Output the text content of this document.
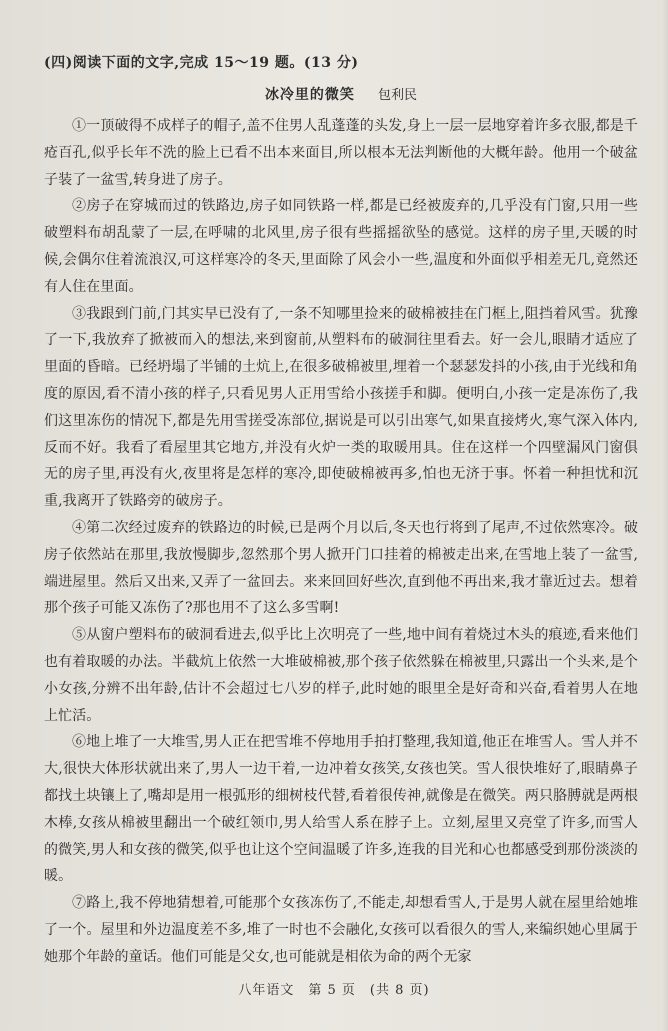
(四)阅读下面的文字,完成 15～19 题。(13 分)
冰冷里的微笑 包利民

①一顶破得不成样子的帽子,盖不住男人乱蓬蓬的头发,身上一层一层地穿着许多衣服,都是千疮百孔,似乎长年不洗的脸上已看不出本来面目,所以根本无法判断他的大概年龄。他用一个破盆子装了一盆雪,转身进了房子。

②房子在穿城而过的铁路边,房子如同铁路一样,都是已经被废弃的,几乎没有门窗,只用一些破塑料布胡乱蒙了一层,在呼啸的北风里,房子很有些摇摇欲坠的感觉。这样的房子里,天暖的时候,会偶尔住着流浪汉,可这样寒冷的冬天,里面除了风会小一些,温度和外面似乎相差无几,竟然还有人住在里面。

③我跟到门前,门其实早已没有了,一条不知哪里捡来的破棉被挂在门框上,阻挡着风雪。犹豫了一下,我放弃了掀被而入的想法,来到窗前,从塑料布的破洞往里看去。好一会儿,眼睛才适应了里面的昏暗。已经坍塌了半铺的土炕上,在很多破棉被里,埋着一个瑟瑟发抖的小孩,由于光线和角度的原因,看不清小孩的样子,只看见男人正用雪给小孩搓手和脚。便明白,小孩一定是冻伤了,我们这里冻伤的情况下,都是先用雪搓受冻部位,据说是可以引出寒气,如果直接烤火,寒气深入体内,反而不好。我看了看屋里其它地方,并没有火炉一类的取暖用具。住在这样一个四壁漏风门窗俱无的房子里,再没有火,夜里将是怎样的寒冷,即使破棉被再多,怕也无济于事。怀着一种担忧和沉重,我离开了铁路旁的破房子。

④第二次经过废弃的铁路边的时候,已是两个月以后,冬天也行将到了尾声,不过依然寒冷。破房子依然站在那里,我放慢脚步,忽然那个男人掀开门口挂着的棉被走出来,在雪地上装了一盆雪,端进屋里。然后又出来,又弄了一盆回去。来来回回好些次,直到他不再出来,我才靠近过去。想着那个孩子可能又冻伤了?那也用不了这么多雪啊!

⑤从窗户塑料布的破洞看进去,似乎比上次明亮了一些,地中间有着烧过木头的痕迹,看来他们也有着取暖的办法。半截炕上依然一大堆破棉被,那个孩子依然躲在棉被里,只露出一个头来,是个小女孩,分辨不出年龄,估计不会超过七八岁的样子,此时她的眼里全是好奇和兴奋,看着男人在地上忙活。

⑥地上堆了一大堆雪,男人正在把雪堆不停地用手拍打整理,我知道,他正在堆雪人。雪人并不大,很快大体形状就出来了,男人一边干着,一边冲着女孩笑,女孩也笑。雪人很快堆好了,眼睛鼻子都找土块镶上了,嘴却是用一根弧形的细树枝代替,看着很传神,就像是在微笑。两只胳膊就是两根木棒,女孩从棉被里翻出一个破红领巾,男人给雪人系在脖子上。立刻,屋里又亮堂了许多,而雪人的微笑,男人和女孩的微笑,似乎也让这个空间温暖了许多,连我的目光和心也都感受到那份淡淡的暖。

⑦路上,我不停地猜想着,可能那个女孩冻伤了,不能走,却想看雪人,于是男人就在屋里给她堆了一个。屋里和外边温度差不多,堆了一时也不会融化,女孩可以看很久的雪人,来编织她心里属于她那个年龄的童话。他们可能是父女,也可能就是相依为命的两个无家

八年语文　第 5 页　(共 8 页)
